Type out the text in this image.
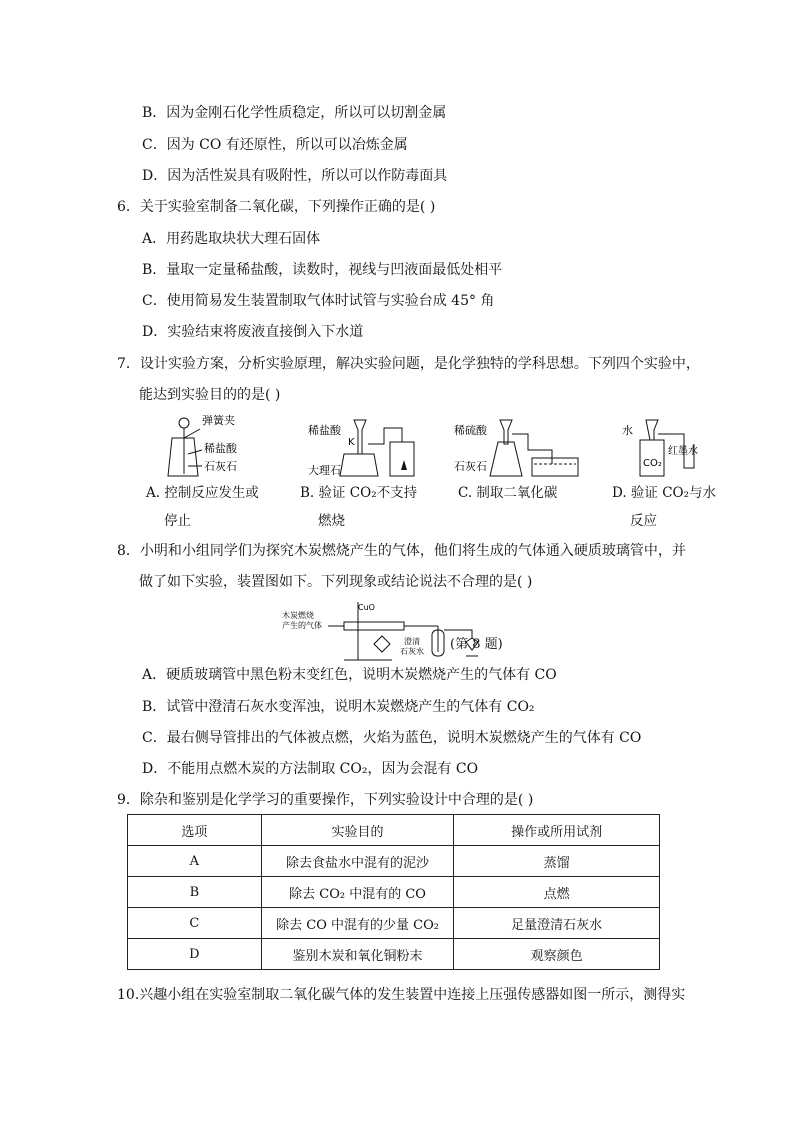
B．因为金刚石化学性质稳定，所以可以切割金属
C．因为 CO 有还原性，所以可以冶炼金属
D．因为活性炭具有吸附性，所以可以作防毒面具
6．关于实验室制备二氧化碳，下列操作正确的是( )
A．用药匙取块状大理石固体
B．量取一定量稀盐酸，读数时，视线与凹液面最低处相平
C．使用简易发生装置制取气体时试管与实验台成 45° 角
D．实验结束将废液直接倒入下水道
7．设计实验方案，分析实验原理，解决实验问题，是化学独特的学科思想。下列四个实验中，
能达到实验目的的是( )
弹簧夹
稀盐酸
石灰石
A. 控制反应发生或
停止
稀盐酸
K
大理石
B. 验证 CO₂不支持
燃烧
稀硫酸
石灰石
C. 制取二氧化碳
水
CO₂
红墨水
D. 验证 CO₂与水
反应
8．小明和小组同学们为探究木炭燃烧产生的气体，他们将生成的气体通入硬质玻璃管中，并
做了如下实验，装置图如下。下列现象或结论说法不合理的是( )
木炭燃烧
产生的气体
CuO
澄清
石灰水 (第 8 题)
A．硬质玻璃管中黑色粉末变红色，说明木炭燃烧产生的气体有 CO
B．试管中澄清石灰水变浑浊，说明木炭燃烧产生的气体有 CO₂
C．最右侧导管排出的气体被点燃，火焰为蓝色，说明木炭燃烧产生的气体有 CO
D．不能用点燃木炭的方法制取 CO₂，因为会混有 CO
9．除杂和鉴别是化学学习的重要操作，下列实验设计中合理的是( )
选项	实验目的	操作或所用试剂
A	除去食盐水中混有的泥沙	蒸馏
B	除去 CO₂ 中混有的 CO	点燃
C	除去 CO 中混有的少量 CO₂	足量澄清石灰水
D	鉴别木炭和氧化铜粉末	观察颜色
10.兴趣小组在实验室制取二氧化碳气体的发生装置中连接上压强传感器如图一所示，测得实
